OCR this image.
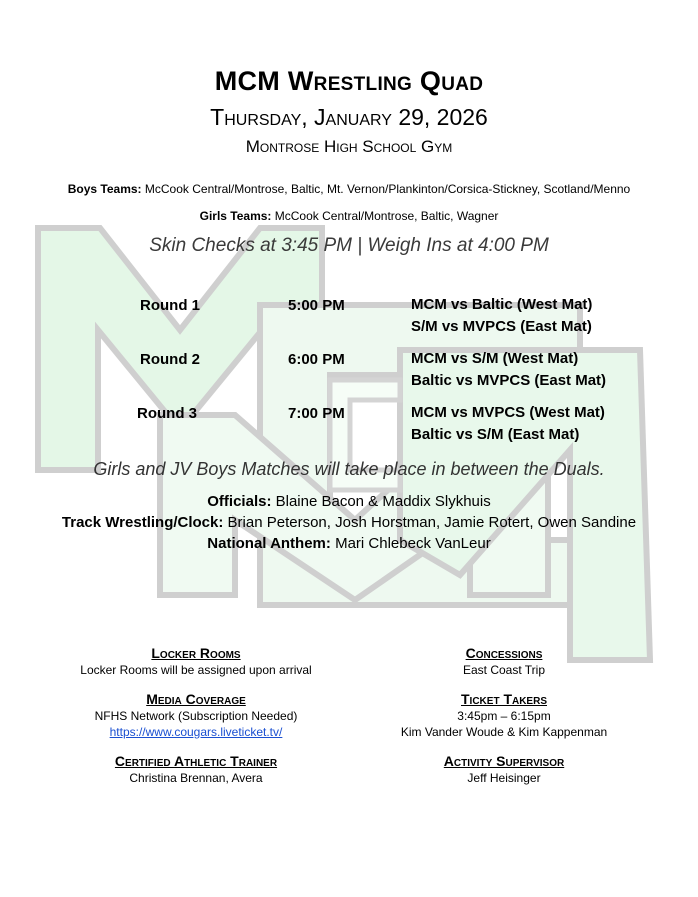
MCM Wrestling Quad
Thursday, January 29, 2026
Montrose High School Gym
Boys Teams: McCook Central/Montrose, Baltic, Mt. Vernon/Plankinton/Corsica-Stickney, Scotland/Menno
Girls Teams: McCook Central/Montrose, Baltic, Wagner
Skin Checks at 3:45 PM | Weigh Ins at 4:00 PM
Round 1	5:00 PM	MCM vs Baltic (West Mat)
S/M vs MVPCS (East Mat)
Round 2	6:00 PM	MCM vs S/M (West Mat)
Baltic vs MVPCS (East Mat)
Round 3	7:00 PM	MCM vs MVPCS (West Mat)
Baltic vs S/M (East Mat)
Girls and JV Boys Matches will take place in between the Duals.
Officials: Blaine Bacon & Maddix Slykhuis
Track Wrestling/Clock: Brian Peterson, Josh Horstman, Jamie Rotert, Owen Sandine
National Anthem: Mari Chlebeck VanLeur
Locker Rooms
Locker Rooms will be assigned upon arrival
Concessions
East Coast Trip
Media Coverage
NFHS Network (Subscription Needed)
https://www.cougars.liveticket.tv/
Ticket Takers
3:45pm – 6:15pm
Kim Vander Woude & Kim Kappenman
Certified Athletic Trainer
Christina Brennan, Avera
Activity Supervisor
Jeff Heisinger
